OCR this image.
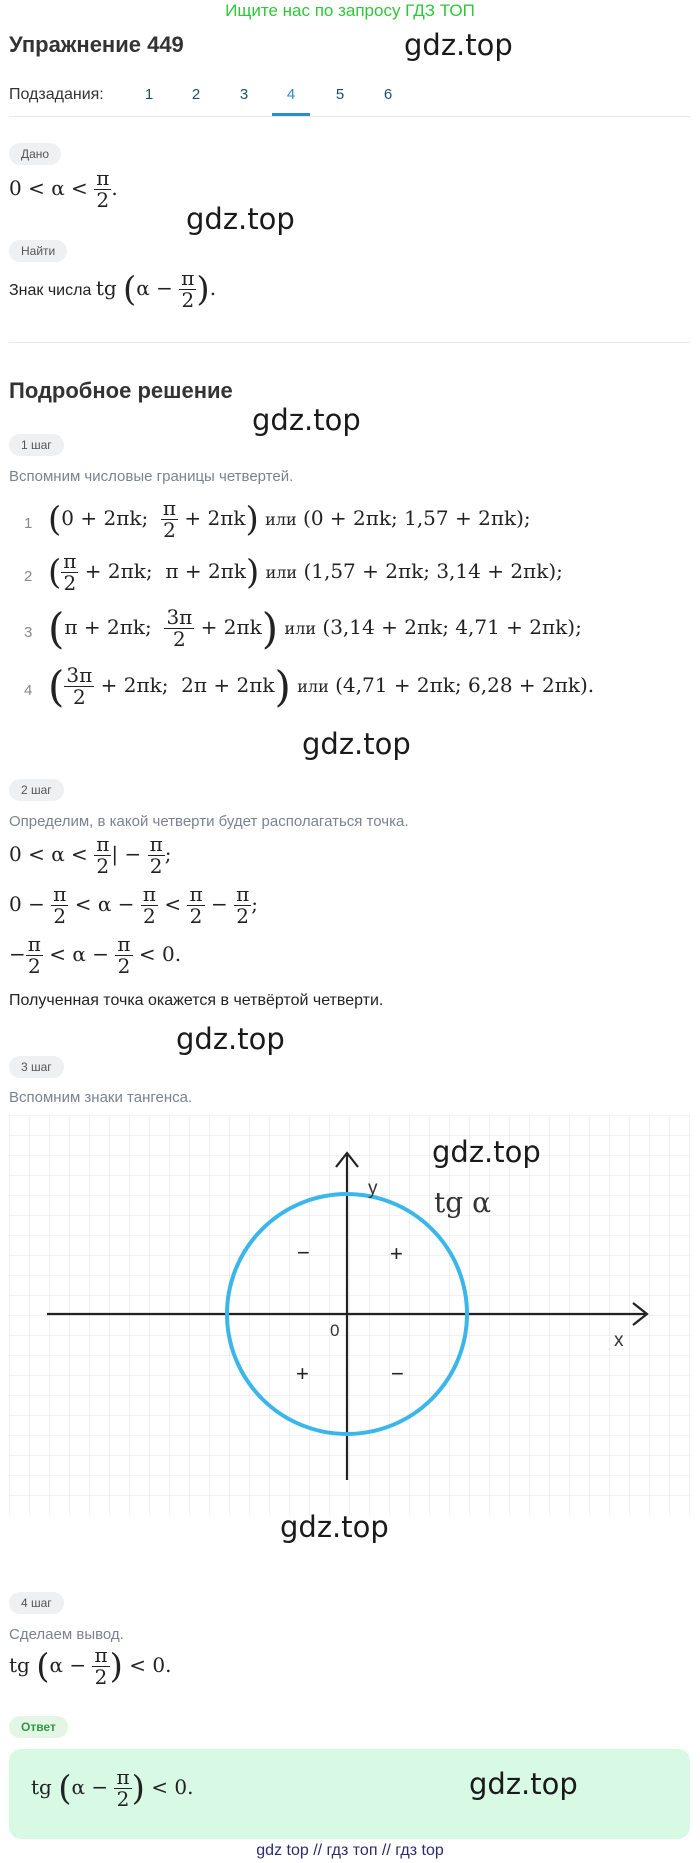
Ищите нас по запросу ГДЗ ТОП
Упражнение 449	gdz.top
Подзадания:	1	2	3	4	5	6
Дано
$0 < \alpha < \frac{\pi}{2}$ .
gdz.top
Найти
Знак числа tg ($\alpha - \frac{\pi}{2}$ ).
Подробное решение
gdz.top
1 шаг
Вспомним числовые границы четвертей.
1 (0 + 2πk; $\frac{\pi}{2} + 2\pi k$) или (0 + 2πk; 1,57 + 2πk);
2 ( $\frac{\pi}{2} + 2\pi k$;  π + 2πk) или (1,57 + 2πk; 3,14 + 2πk);
3 (π + 2πk; $\frac{3\pi}{2} + 2\pi k$) или (3,14 + 2πk; 4,71 + 2πk);
4 ( $\frac{3\pi}{2} + 2\pi k$;  2π + 2πk) или (4,71 + 2πk; 6,28 + 2πk).
gdz.top
2 шаг
Определим, в какой четверти будет располагаться точка.
$0 < \alpha < \frac{\pi}{2}$ | − $\frac{\pi}{2}$ ;
$0 - \frac{\pi}{2} < \alpha - \frac{\pi}{2} < \frac{\pi}{2} - \frac{\pi}{2}$ ;
− $\frac{\pi}{2} < \alpha - \frac{\pi}{2} < 0$.
Полученная точка окажется в четвёртой четверти.
gdz.top
3 шаг
Вспомним знаки тангенса.
x
y
0
−	+
+	−
tg α
gdz.top
gdz.top
4 шаг
Сделаем вывод.
tg ($\alpha - \frac{\pi}{2}$ ) < 0.
Ответ
tg ($\alpha - \frac{\pi}{2}$ ) < 0.	gdz.top
gdz top // гдз топ // гдз top
